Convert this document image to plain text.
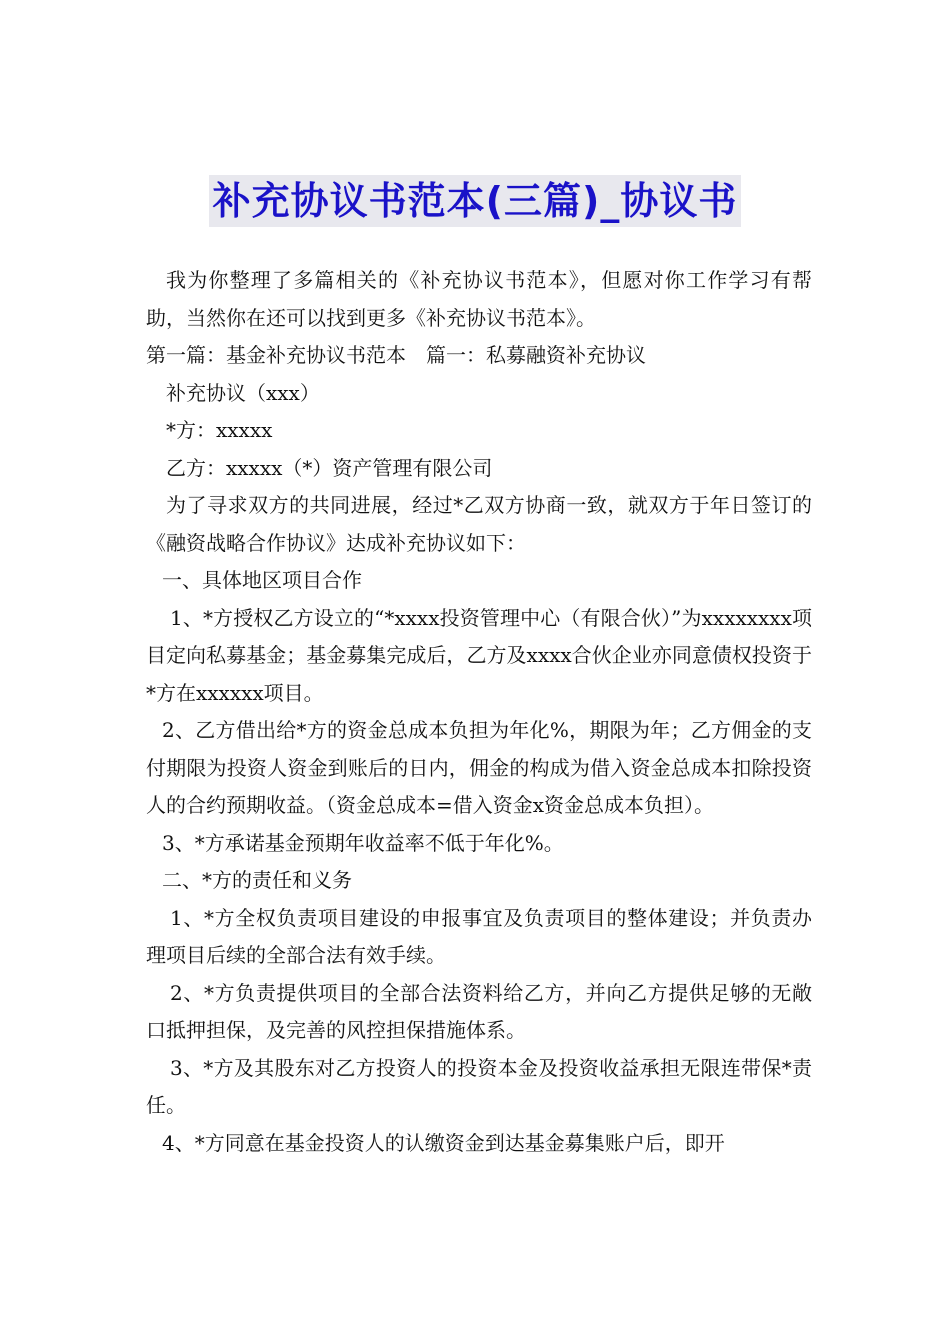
补充协议书范本(三篇)_协议书

我为你整理了多篇相关的《补充协议书范本》，但愿对你工作学习有帮助，当然你在还可以找到更多《补充协议书范本》。

第一篇：基金补充协议书范本　篇一：私募融资补充协议

补充协议（xxx）

*方：xxxxx

乙方：xxxxx（*）资产管理有限公司

为了寻求双方的共同进展，经过*乙双方协商一致，就双方于年日签订的《融资战略合作协议》达成补充协议如下：

一、具体地区项目合作

1、*方授权乙方设立的“*xxxx投资管理中心（有限合伙）”为xxxxxxxx项目定向私募基金；基金募集完成后，乙方及xxxx合伙企业亦同意债权投资于*方在xxxxxx项目。

2、乙方借出给*方的资金总成本负担为年化%，期限为年；乙方佣金的支付期限为投资人资金到账后的日内，佣金的构成为借入资金总成本扣除投资人的合约预期收益。（资金总成本=借入资金x资金总成本负担）。

3、*方承诺基金预期年收益率不低于年化%。

二、*方的责任和义务

1、*方全权负责项目建设的申报事宜及负责项目的整体建设；并负责办理项目后续的全部合法有效手续。

2、*方负责提供项目的全部合法资料给乙方，并向乙方提供足够的无敞口抵押担保，及完善的风控担保措施体系。

3、*方及其股东对乙方投资人的投资本金及投资收益承担无限连带保*责任。

4、*方同意在基金投资人的认缴资金到达基金募集账户后，即开
